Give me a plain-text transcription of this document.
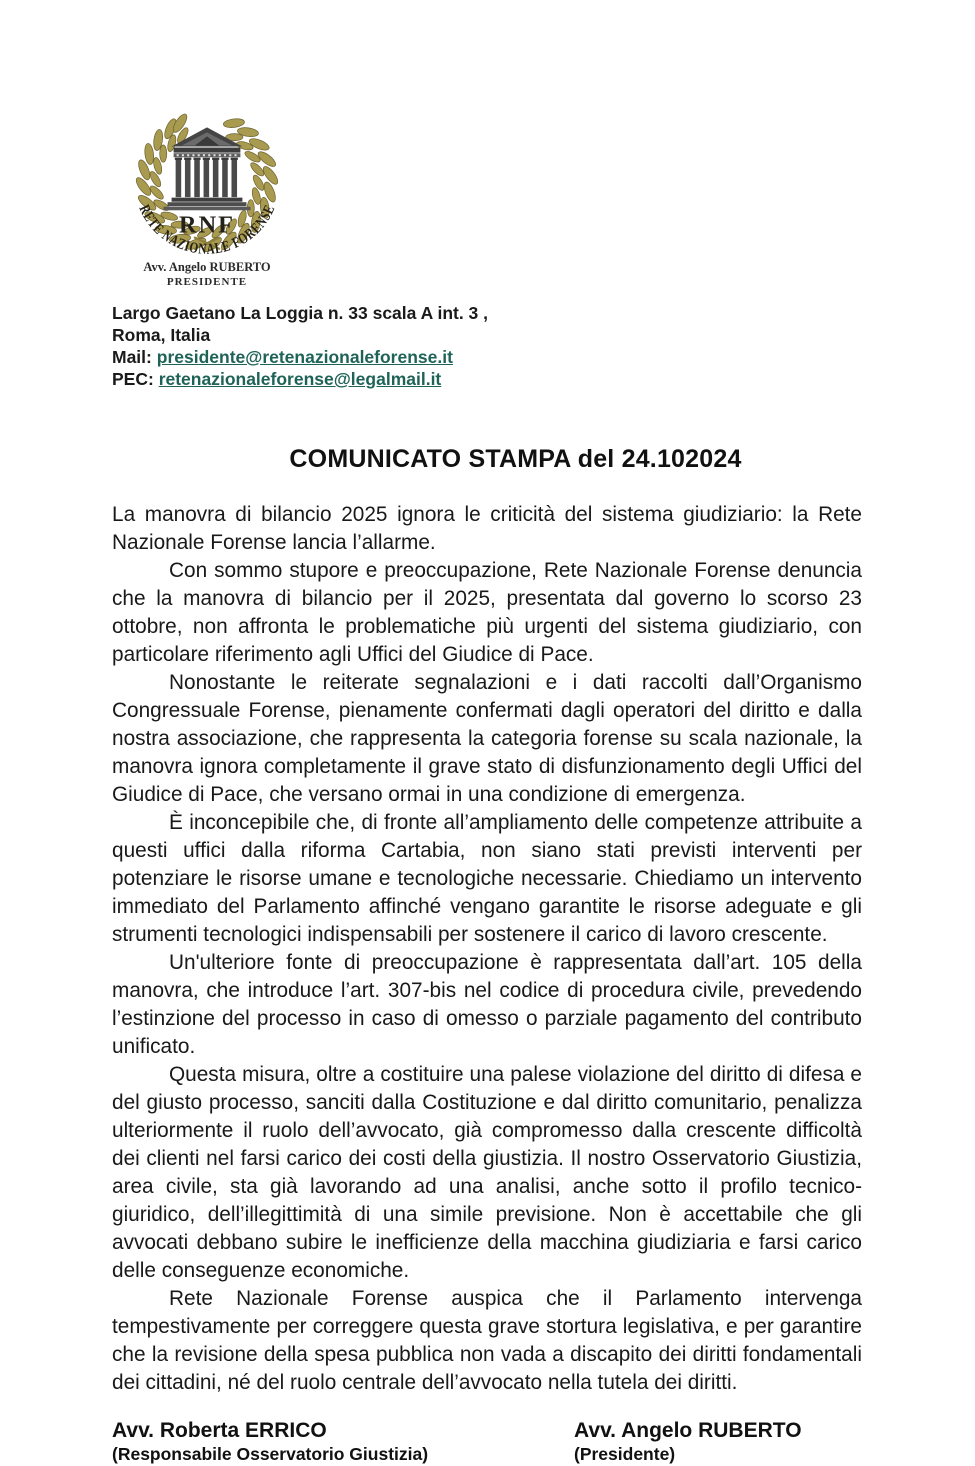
RNF
RETE NAZIONALE FORENSE
Avv. Angelo RUBERTO
PRESIDENTE
Largo Gaetano La Loggia n. 33 scala A int. 3 ,
Roma, Italia
Mail: presidente@retenazionaleforense.it
PEC: retenazionaleforense@legalmail.it
COMUNICATO STAMPA del 24.102024

La manovra di bilancio 2025 ignora le criticità del sistema giudiziario: la Rete Nazionale Forense lancia l’allarme.

Con sommo stupore e preoccupazione, Rete Nazionale Forense denuncia che la manovra di bilancio per il 2025, presentata dal governo lo scorso 23 ottobre, non affronta le problematiche più urgenti del sistema giudiziario, con particolare riferimento agli Uffici del Giudice di Pace.

Nonostante le reiterate segnalazioni e i dati raccolti dall’Organismo Congressuale Forense, pienamente confermati dagli operatori del diritto e dalla nostra associazione, che rappresenta la categoria forense su scala nazionale, la manovra ignora completamente il grave stato di disfunzionamento degli Uffici del Giudice di Pace, che versano ormai in una condizione di emergenza.

È inconcepibile che, di fronte all’ampliamento delle competenze attribuite a questi uffici dalla riforma Cartabia, non siano stati previsti interventi per potenziare le risorse umane e tecnologiche necessarie. Chiediamo un intervento immediato del Parlamento affinché vengano garantite le risorse adeguate e gli strumenti tecnologici indispensabili per sostenere il carico di lavoro crescente.

Un'ulteriore fonte di preoccupazione è rappresentata dall’art. 105 della manovra, che introduce l’art. 307-bis nel codice di procedura civile, prevedendo l’estinzione del processo in caso di omesso o parziale pagamento del contributo unificato.

Questa misura, oltre a costituire una palese violazione del diritto di difesa e del giusto processo, sanciti dalla Costituzione e dal diritto comunitario, penalizza ulteriormente il ruolo dell’avvocato, già compromesso dalla crescente difficoltà dei clienti nel farsi carico dei costi della giustizia. Il nostro Osservatorio Giustizia, area civile, sta già lavorando ad una analisi, anche sotto il profilo tecnico-giuridico, dell’illegittimità di una simile previsione. Non è accettabile che gli avvocati debbano subire le inefficienze della macchina giudiziaria e farsi carico delle conseguenze economiche.

Rete Nazionale Forense auspica che il Parlamento intervenga tempestivamente per correggere questa grave stortura legislativa, e per garantire che la revisione della spesa pubblica non vada a discapito dei diritti fondamentali dei cittadini, né del ruolo centrale dell’avvocato nella tutela dei diritti.

Avv. Roberta ERRICO
(Responsabile Osservatorio Giustizia)
Avv. Angelo RUBERTO
(Presidente)
